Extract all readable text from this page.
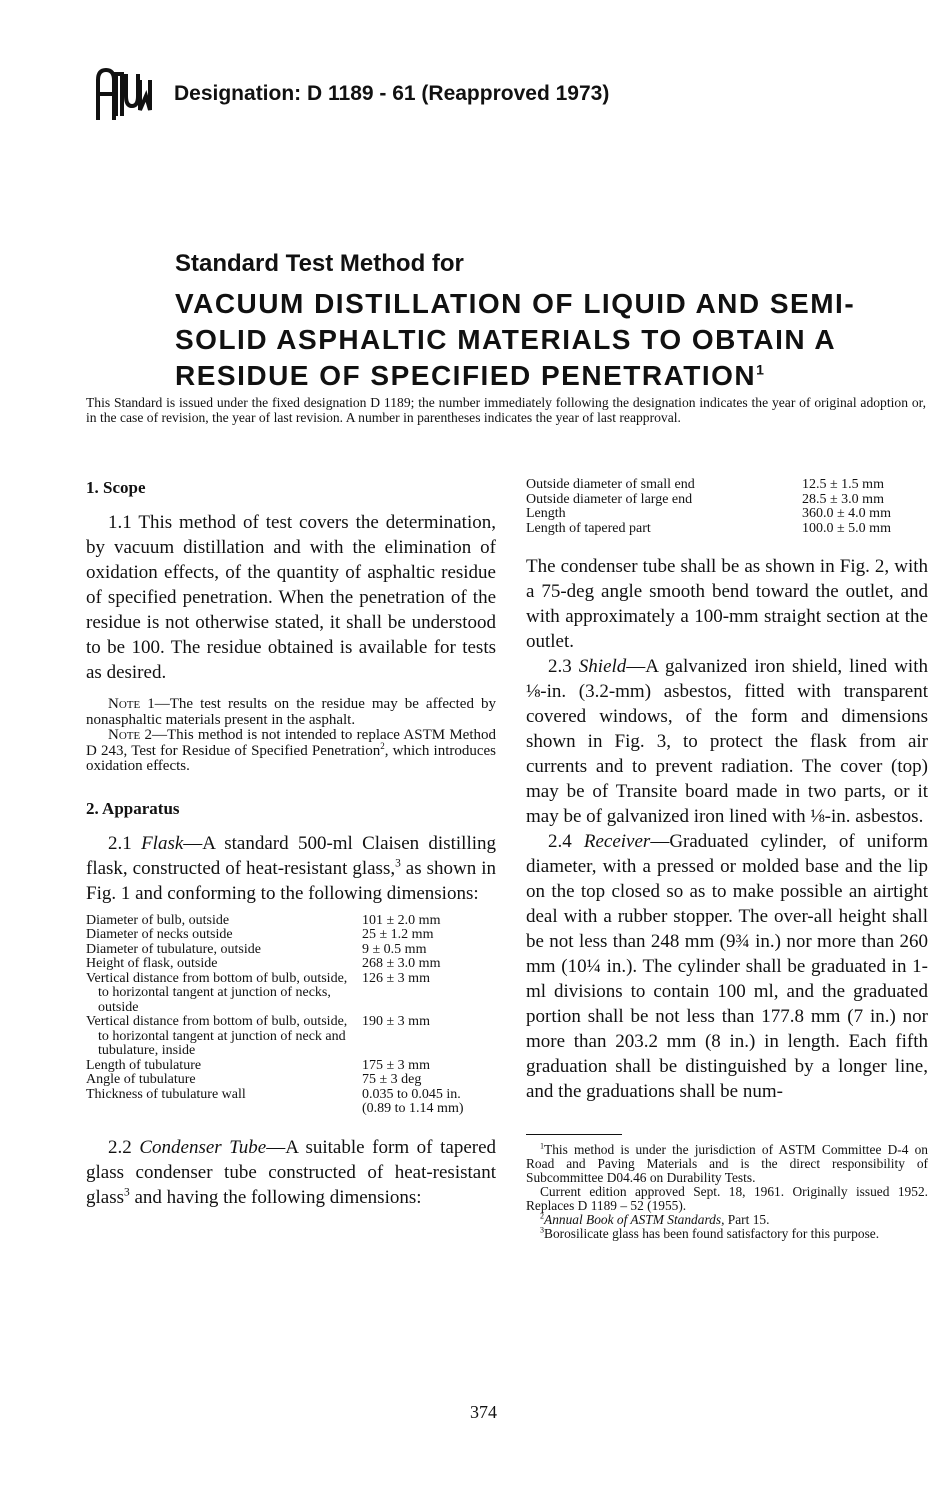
Designation: D 1189 - 61 (Reapproved 1973)
Standard Test Method for
VACUUM DISTILLATION OF LIQUID AND SEMI-SOLID ASPHALTIC MATERIALS TO OBTAIN A RESIDUE OF SPECIFIED PENETRATION$^1$
This Standard is issued under the fixed designation D 1189; the number immediately following the designation indicates the year of original adoption or, in the case of revision, the year of last revision. A number in parentheses indicates the year of last reapproval.
1. Scope

1.1 This method of test covers the determination, by vacuum distillation and with the elimination of oxidation effects, of the quantity of asphaltic residue of specified penetration. When the penetration of the residue is not otherwise stated, it shall be understood to be 100. The residue obtained is available for tests as desired.

Note 1—The test results on the residue may be affected by nonasphaltic materials present in the asphalt.

Note 2—This method is not intended to replace ASTM Method D 243, Test for Residue of Specified Penetration$^2$, which introduces oxidation effects.

2. Apparatus

2.1 Flask—A standard 500-ml Claisen distilling flask, constructed of heat-resistant glass,$^3$ as shown in Fig. 1 and conforming to the following dimensions:

Diameter of bulb, outside	101 ± 2.0 mm
Diameter of necks outside	25 ± 1.2 mm
Diameter of tubulature, outside	9 ± 0.5 mm
Height of flask, outside	268 ± 3.0 mm
Vertical distance from bottom of bulb, outside, to horizontal tangent at junction of necks, outside	126 ± 3 mm
Vertical distance from bottom of bulb, outside, to horizontal tangent at junction of neck and tubulature, inside	190 ± 3 mm
Length of tubulature	175 ± 3 mm
Angle of tubulature	75 ± 3 deg
Thickness of tubulature wall	0.035 to 0.045 in. (0.89 to 1.14 mm)

2.2 Condenser Tube—A suitable form of tapered glass condenser tube constructed of heat-resistant glass$^3$ and having the following dimensions:

Outside diameter of small end	12.5 ± 1.5 mm
Outside diameter of large end	28.5 ± 3.0 mm
Length	360.0 ± 4.0 mm
Length of tapered part	100.0 ± 5.0 mm

The condenser tube shall be as shown in Fig. 2, with a 75-deg angle smooth bend toward the outlet, and with approximately a 100-mm straight section at the outlet.

2.3 Shield—A galvanized iron shield, lined with ⅛-in. (3.2-mm) asbestos, fitted with transparent covered windows, of the form and dimensions shown in Fig. 3, to protect the flask from air currents and to prevent radiation. The cover (top) may be of Transite board made in two parts, or it may be of galvanized iron lined with ⅛-in. asbestos.

2.4 Receiver—Graduated cylinder, of uniform diameter, with a pressed or molded base and the lip on the top closed so as to make possible an airtight deal with a rubber stopper. The over-all height shall be not less than 248 mm (9¾ in.) nor more than 260 mm (10¼ in.). The cylinder shall be graduated in 1-ml divisions to contain 100 ml, and the graduated portion shall be not less than 177.8 mm (7 in.) nor more than 203.2 mm (8 in.) in length. Each fifth graduation shall be distinguished by a longer line, and the graduations shall be num-

$^1$This method is under the jurisdiction of ASTM Committee D-4 on Road and Paving Materials and is the direct responsibility of Subcommittee D04.46 on Durability Tests.

Current edition approved Sept. 18, 1961. Originally issued 1952. Replaces D 1189 – 52 (1955).

$^2$Annual Book of ASTM Standards, Part 15.

$^3$Borosilicate glass has been found satisfactory for this purpose.

374
